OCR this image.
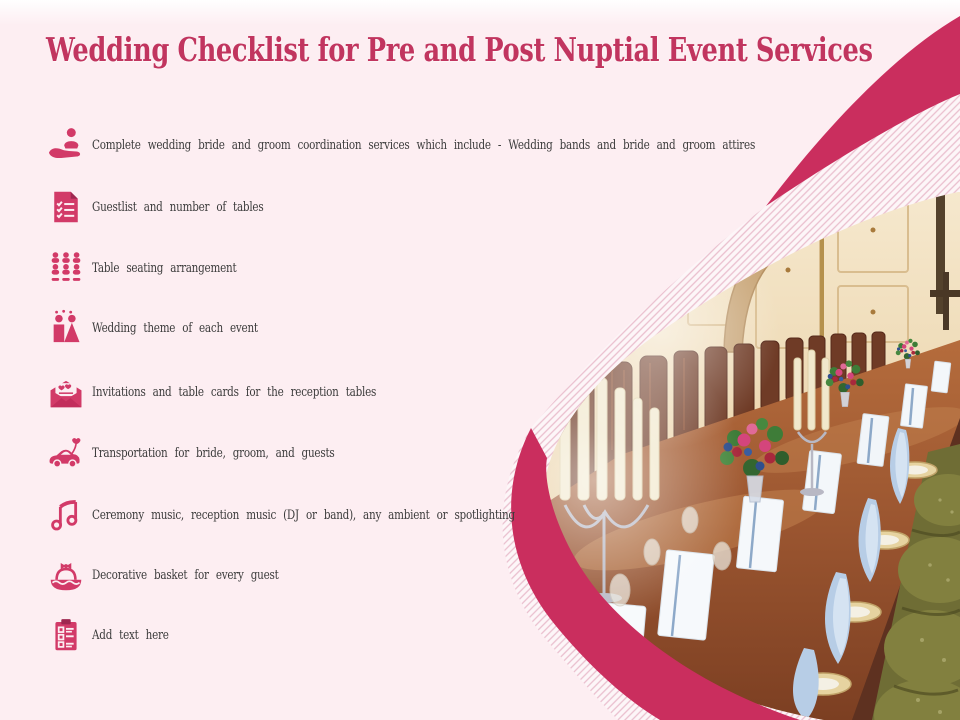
Wedding Checklist for Pre and Post Nuptial Event Services
Complete wedding bride and groom coordination services which include - Wedding bands and bride and groom attires
Guestlist and number of tables
Table seating arrangement
Wedding theme of each event
Invitations and table cards for the reception tables
Transportation for bride, groom, and guests
Ceremony music, reception music (DJ or band), any ambient or spotlighting
Decorative basket for every guest
Add text here
